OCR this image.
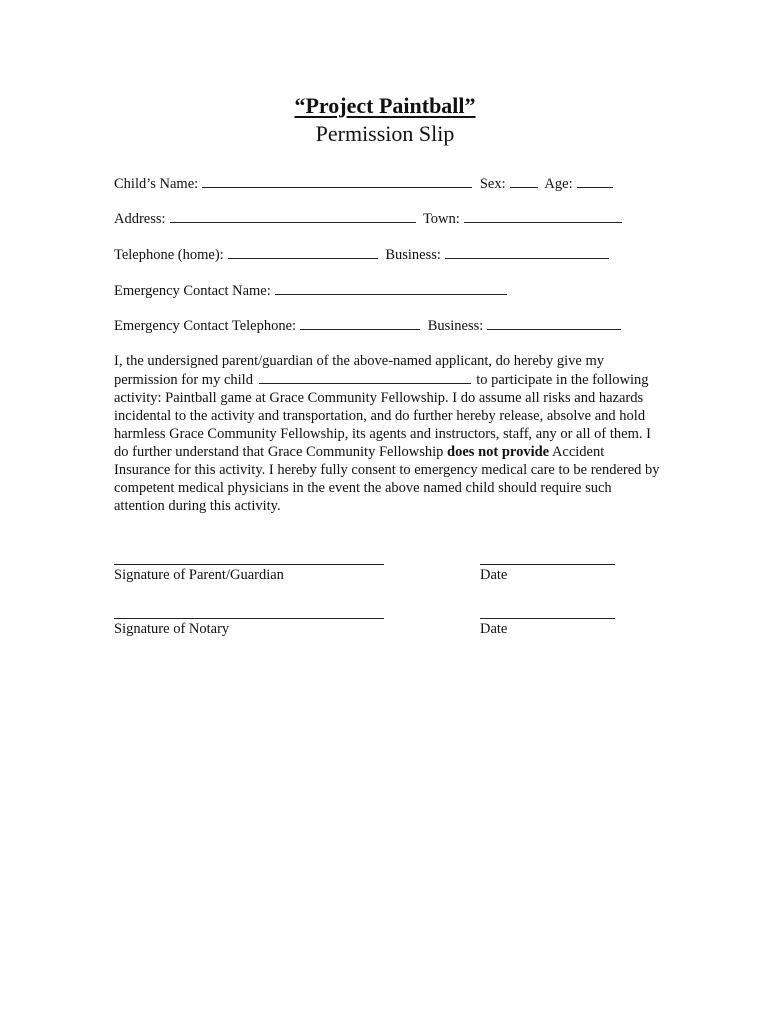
“Project Paintball”
Permission Slip
Child’s Name:	Sex:	Age:
Address:	Town:
Telephone (home):	Business:
Emergency Contact Name:
Emergency Contact Telephone:	Business:
I, the undersigned parent/guardian of the above-named applicant, do hereby give my permission for my child	to participate in the following activity: Paintball game at Grace Community Fellowship. I do assume all risks and hazards incidental to the activity and transportation, and do further hereby release, absolve and hold harmless Grace Community Fellowship, its agents and instructors, staff, any or all of them. I do further understand that Grace Community Fellowship does not provide Accident Insurance for this activity. I hereby fully consent to emergency medical care to be rendered by competent medical physicians in the event the above named child should require such attention during this activity.
Signature of Parent/Guardian	Date
Signature of Notary	Date
